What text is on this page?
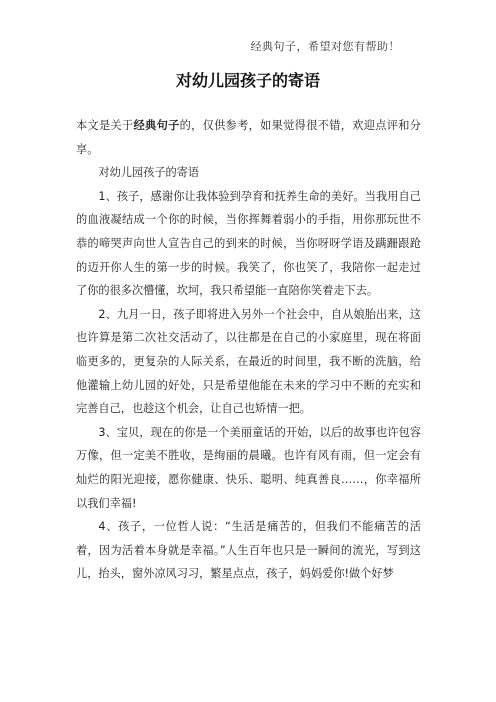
经典句子，希望对您有帮助！
对幼儿园孩子的寄语

本文是关于经典句子的，仅供参考，如果觉得很不错，欢迎点评和分享。

对幼儿园孩子的寄语

1、孩子，感谢你让我体验到孕育和抚养生命的美好。当我用自己的血液凝结成一个你的时候，当你挥舞着弱小的手指，用你那玩世不恭的啼哭声向世人宣告自己的到来的时候，当你呀呀学语及蹒跚跟跄的迈开你人生的第一步的时候。我笑了，你也笑了，我陪你一起走过了你的很多次懵懂，坎坷，我只希望能一直陪你笑着走下去。

2、九月一日，孩子即将进入另外一个社会中，自从娘胎出来，这也许算是第二次社交活动了，以往都是在自己的小家庭里，现在将面临更多的，更复杂的人际关系，在最近的时间里，我不断的洗脑，给他灌输上幼儿园的好处，只是希望他能在未来的学习中不断的充实和完善自己，也趁这个机会，让自己也矫情一把。

3、宝贝，现在的你是一个美丽童话的开始，以后的故事也许包容万像，但一定美不胜收，是绚丽的晨曦。也许有风有雨，但一定会有灿烂的阳光迎接，愿你健康、快乐、聪明、纯真善良……，你幸福所以我们幸福!

4、孩子，一位哲人说：“生活是痛苦的，但我们不能痛苦的活着，因为活着本身就是幸福。”人生百年也只是一瞬间的流光，写到这儿，抬头，窗外凉风习习，繁星点点，孩子，妈妈爱你!做个好梦
